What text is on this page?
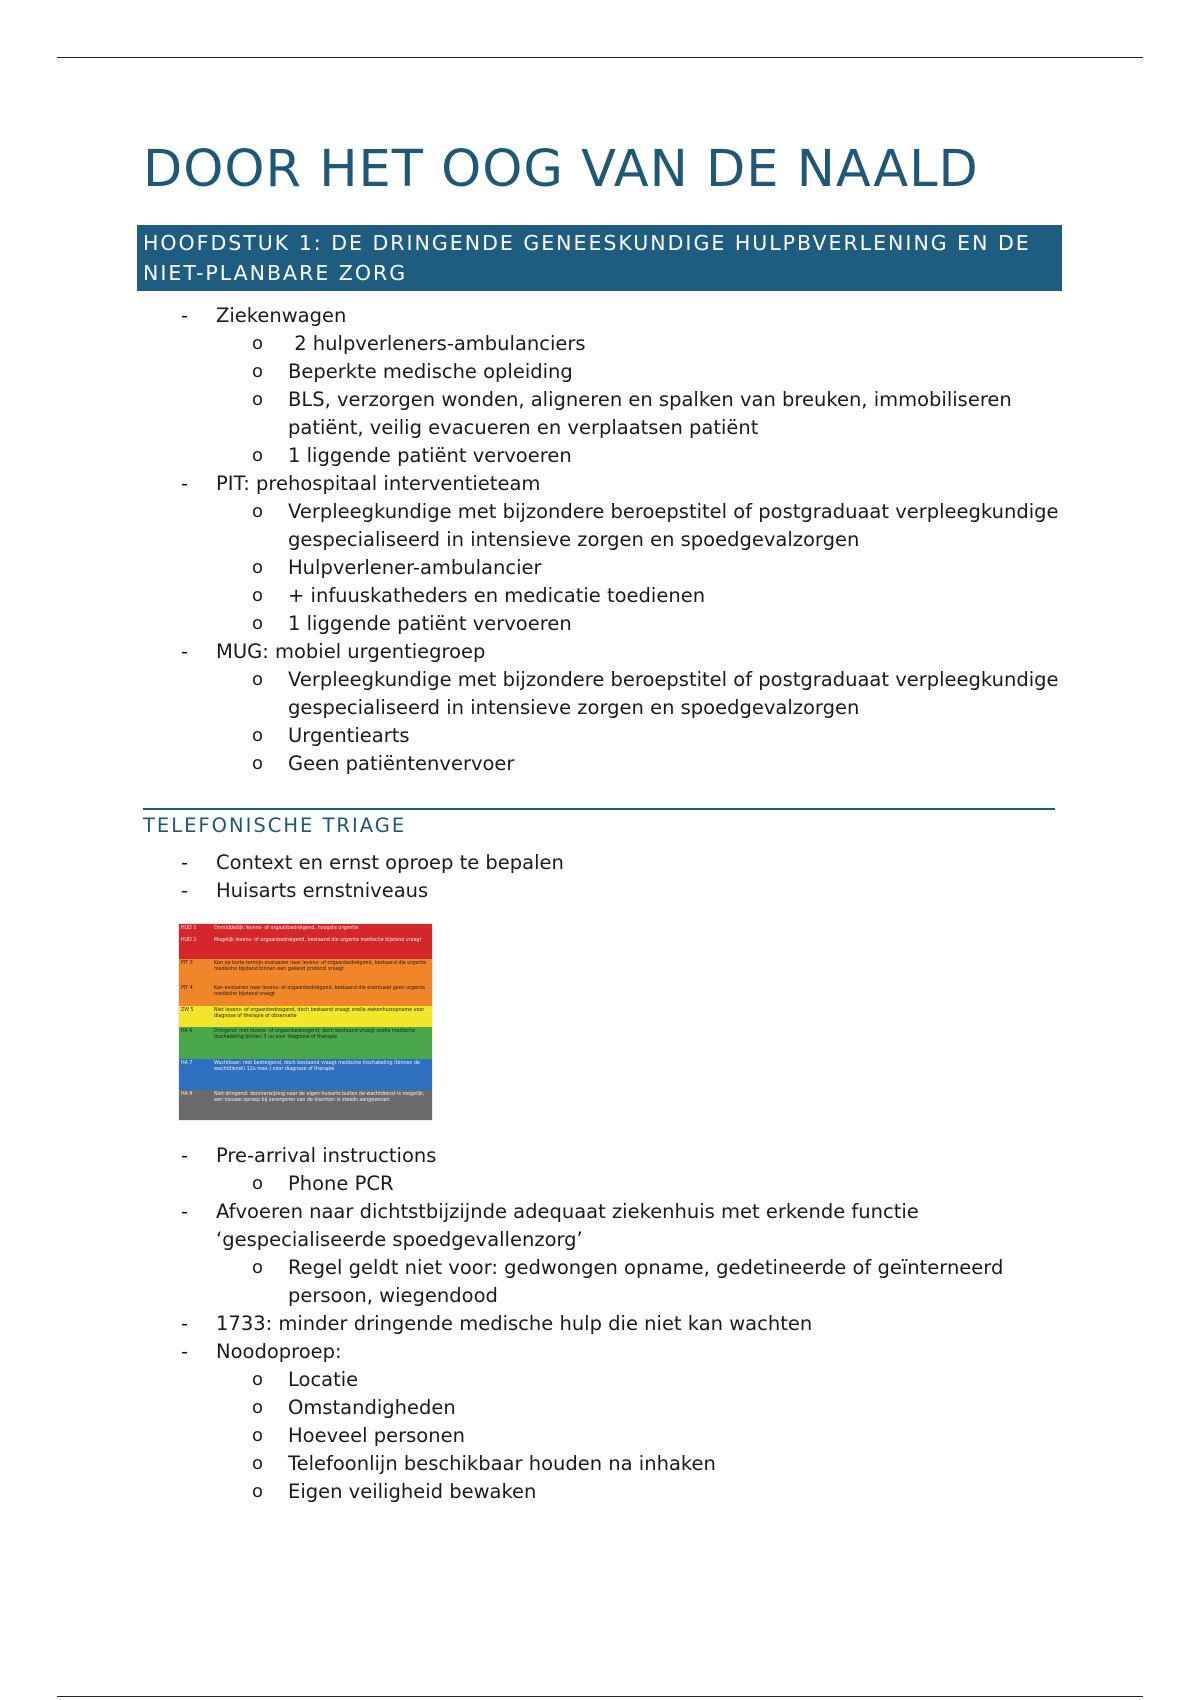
DOOR HET OOG VAN DE NAALD
HOOFDSTUK 1: DE DRINGENDE GENEESKUNDIGE HULPBVERLENING EN DE NIET-PLANBARE ZORG
- Ziekenwagen
o 2 hulpverleners-ambulanciers
o Beperkte medische opleiding
o BLS, verzorgen wonden, aligneren en spalken van breuken, immobiliseren patiënt, veilig evacueren en verplaatsen patiënt
o 1 liggende patiënt vervoeren
- PIT: prehospitaal interventieteam
o Verpleegkundige met bijzondere beroepstitel of postgraduaat verpleegkundige gespecialiseerd in intensieve zorgen en spoedgevalzorgen
o Hulpverlener-ambulancier
o + infuuskatheders en medicatie toedienen
o 1 liggende patiënt vervoeren
- MUG: mobiel urgentiegroep
o Verpleegkundige met bijzondere beroepstitel of postgraduaat verpleegkundige gespecialiseerd in intensieve zorgen en spoedgevalzorgen
o Urgentiearts
o Geen patiëntenvervoer
TELEFONISCHE TRIAGE
- Context en ernst oproep te bepalen
- Huisarts ernstniveaus
HUD 1	Onmiddellijk levens- of orgaanbedreigend, hoogste urgentie
HUD 2	Mogelijk levens- of orgaanbedreigend, bestaand die urgente medische bijstand vraagt
PIT 3	Kan op korte termijn evolueren naar levens- of orgaanbedreigend, bestaand die urgente medische bijstand binnen een gekend protocol vraagt
PIT 4	Kan evolueren naar levens- of orgaanbedreigend, bestaand die eventueel geen urgente medische bijstand vraagt
ZW 5	Niet levens- of orgaanbedreigend, doch bestaand vraagt snelle ziekenhuisopname voor diagnose of therapie of observatie
HA 6	Dringend: niet levens- of orgaanbedreigend, doch bestaand vraagt snelle medische inschakeling binnen 3 uu voor diagnose of therapie
HA 7	Wachtbaar: niet bedreigend, doch bestaand vraagt medische inschakeling (binnen de wachtdienst) 12u max.) voor diagnose of therapie
HA 8	Niet dringend: doorverwijzing naar de eigen huisarts buiten de wachtdienst is mogelijk, een nieuwe oproep bij verergeren van de klachten is steeds aangewezen
- Pre-arrival instructions
o Phone PCR
- Afvoeren naar dichtstbijzijnde adequaat ziekenhuis met erkende functie ‘gespecialiseerde spoedgevallenzorg’
o Regel geldt niet voor: gedwongen opname, gedetineerde of geïnterneerd persoon, wiegendood
- 1733: minder dringende medische hulp die niet kan wachten
- Noodoproep:
o Locatie
o Omstandigheden
o Hoeveel personen
o Telefoonlijn beschikbaar houden na inhaken
o Eigen veiligheid bewaken
